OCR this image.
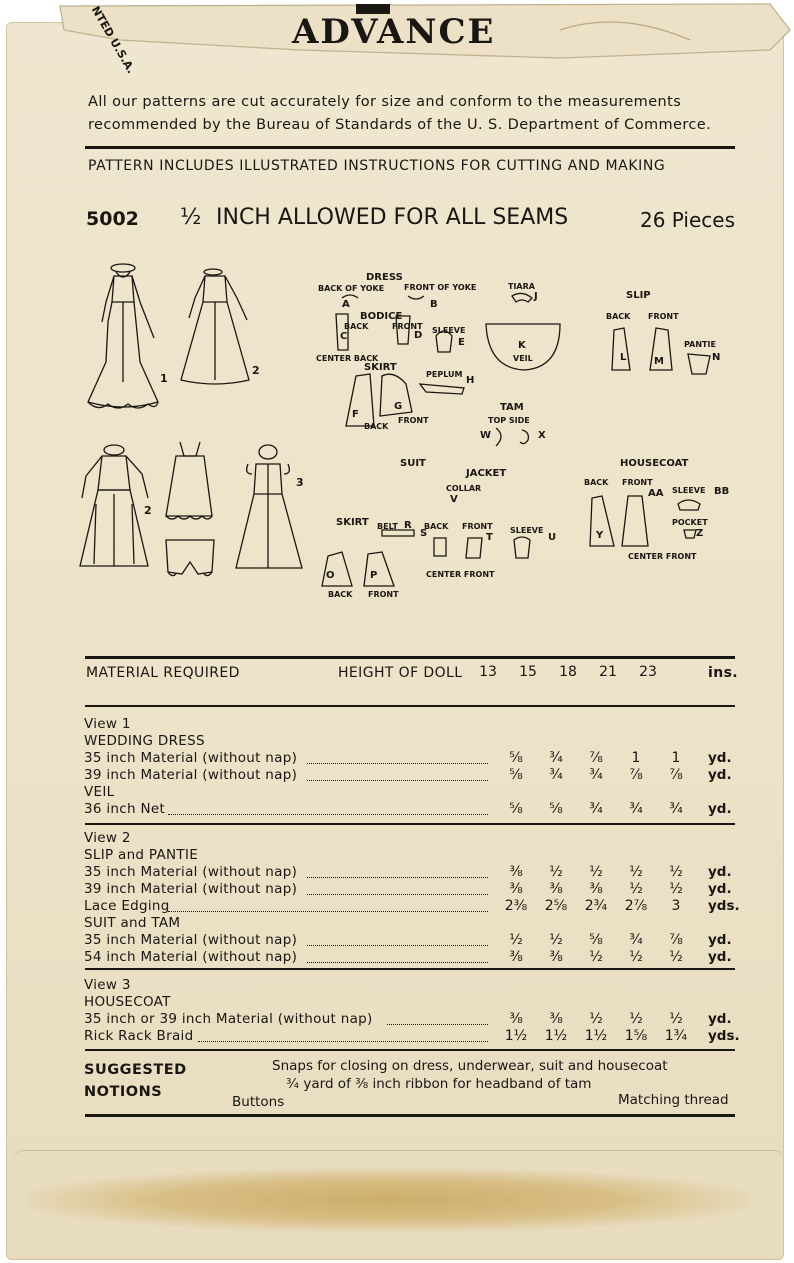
ADVANCE
NTED U.S.A.
All our patterns are cut accurately for size and conform to the measurements
recommended by the Bureau of Standards of the U. S. Department of Commerce.
PATTERN INCLUDES ILLUSTRATED INSTRUCTIONS FOR CUTTING AND MAKING
5002 ½ INCH ALLOWED FOR ALL SEAMS	26 Pieces
1
2
2
3
DRESS
BACK OF YOKE FRONT OF YOKE
A	B
BODICE
BACK	FRONT SLEEVE
C	D
E
CENTER BACK
SKIRT
PEPLUM
H
F
G
BACK
FRONT
TIARA
J
K
VEIL
TAM
TOP SIDE
W	X
SLIP
BACK FRONT
L	M
PANTIE
N
SUIT
JACKET
COLLAR
V
SKIRT BELT R BACK FRONT
S	T
SLEEVE
U
O	P	CENTER FRONT
BACK FRONT
HOUSECOAT
BACK FRONT
AA SLEEVE BB
POCKET
Z
Y
CENTER FRONT
MATERIAL REQUIRED	HEIGHT OF DOLL	13	15	18	21	23	ins.
View 1
WEDDING DRESS
35 inch Material (without nap)	⅝	¾	⅞	1	1	yd.
39 inch Material (without nap)	⅝	¾	¾	⅞	⅞	yd.
VEIL
36 inch Net	⅝	⅝	¾	¾	¾	yd.
View 2
SLIP and PANTIE
35 inch Material (without nap)	⅜	½	½	½	½	yd.
39 inch Material (without nap)	⅜	⅜	⅜	½	½	yd.
Lace Edging	2⅜	2⅝	2¾	2⅞	3	yds.
SUIT and TAM
35 inch Material (without nap)	½	½	⅝	¾	⅞	yd.
54 inch Material (without nap)	⅜	⅜	½	½	½	yd.
View 3
HOUSECOAT
35 inch or 39 inch Material (without nap)	⅜	⅜	½	½	½	yd.
Rick Rack Braid	1½	1½	1½	1⅝	1¾	yds.
SUGGESTED
NOTIONS
Snaps for closing on dress, underwear, suit and housecoat
¾ yard of ⅜ inch ribbon for headband of tam
Buttons	Matching thread
